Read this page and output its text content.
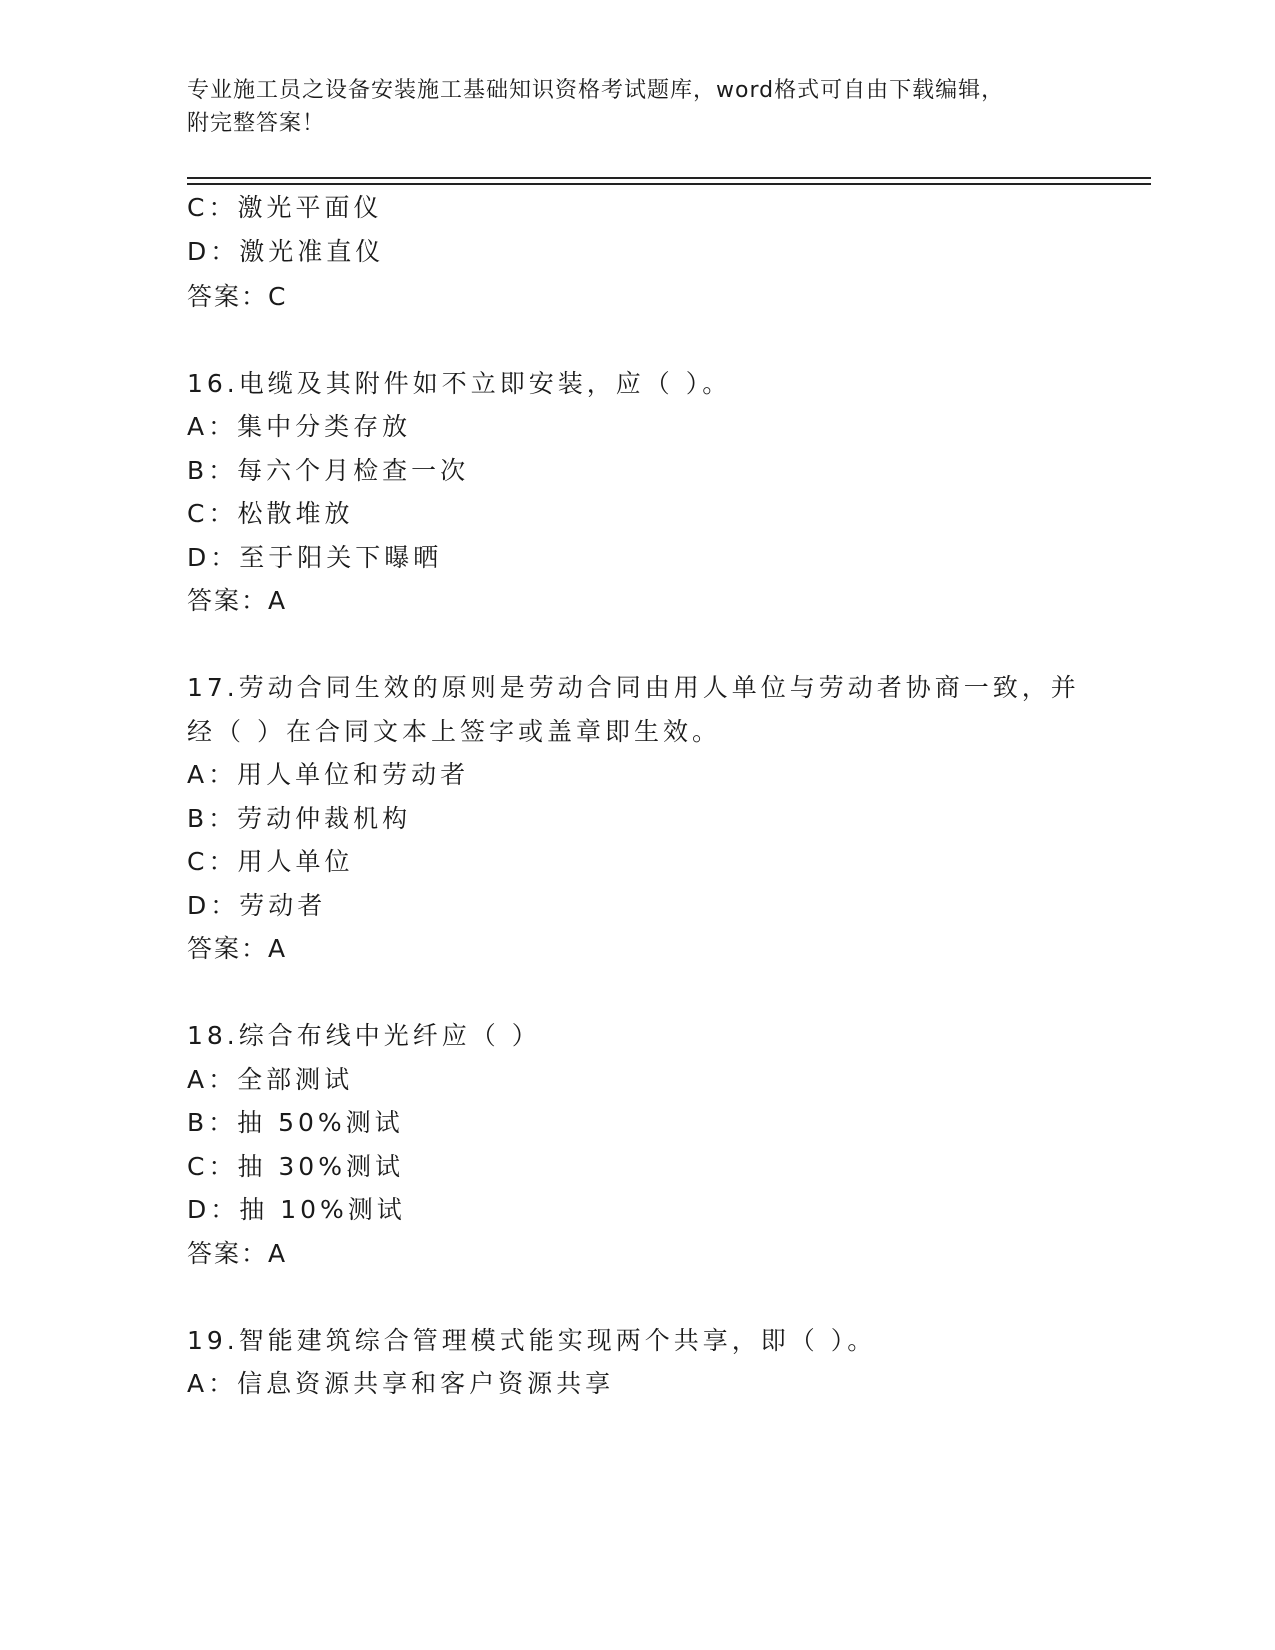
专业施工员之设备安装施工基础知识资格考试题库，word格式可自由下载编辑，
附完整答案！
C：激光平面仪
D：激光准直仪
答案：C
16.电缆及其附件如不立即安装，应（ ）。
A：集中分类存放
B：每六个月检查一次
C：松散堆放
D：至于阳关下曝晒
答案：A
17.劳动合同生效的原则是劳动合同由用人单位与劳动者协商一致，并
经（ ）在合同文本上签字或盖章即生效。
A：用人单位和劳动者
B：劳动仲裁机构
C：用人单位
D：劳动者
答案：A
18.综合布线中光纤应（ ）
A：全部测试
B：抽 50%测试
C：抽 30%测试
D：抽 10%测试
答案：A
19.智能建筑综合管理模式能实现两个共享，即（ ）。
A：信息资源共享和客户资源共享
